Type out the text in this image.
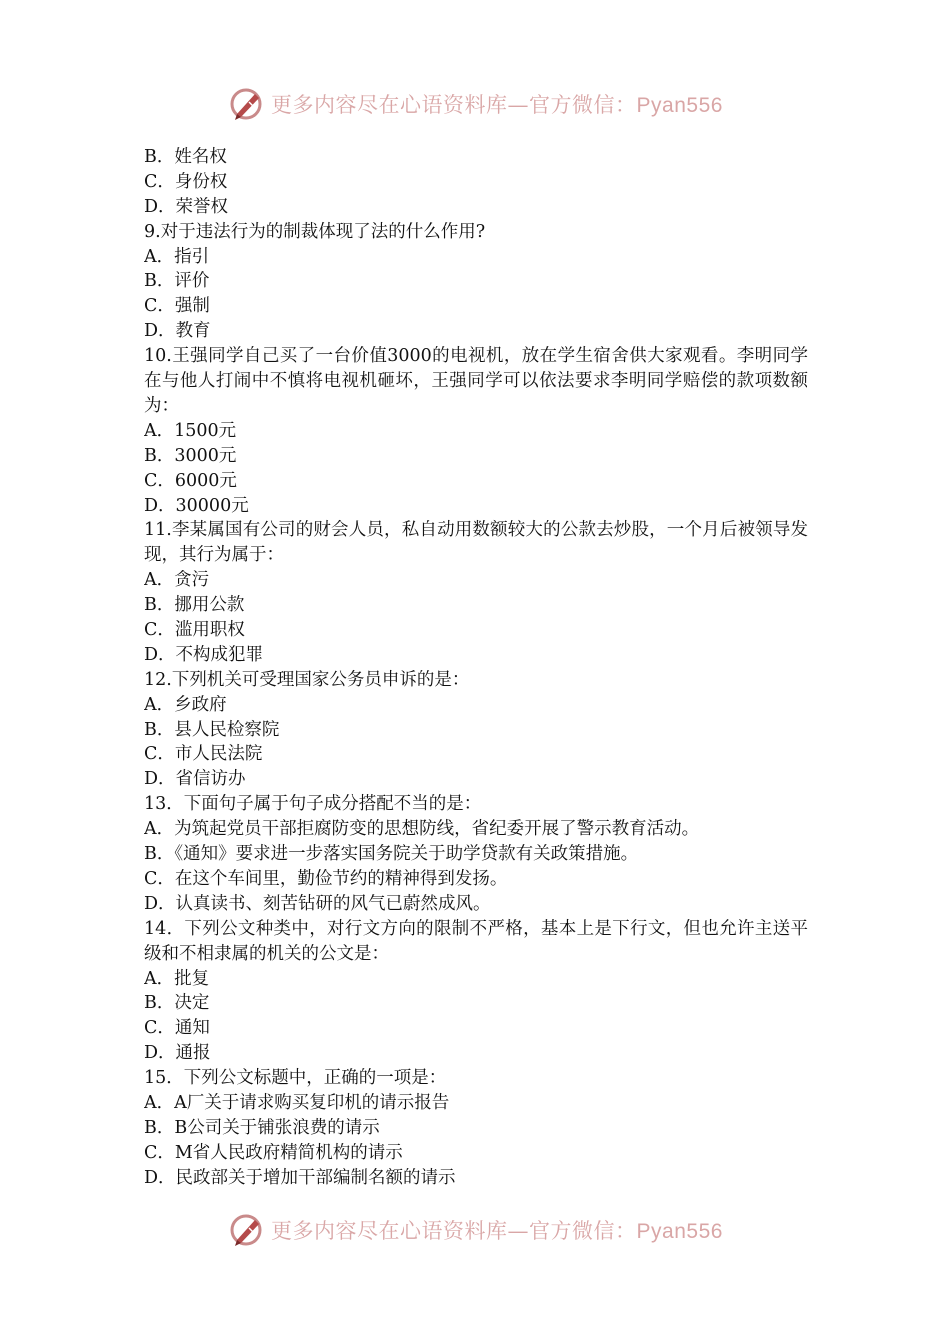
更多内容尽在心语资料库—官方微信：Pyan556
B．姓名权
C．身份权
D．荣誉权
9.对于违法行为的制裁体现了法的什么作用?
A．指引
B．评价
C．强制
D．教育
10.王强同学自己买了一台价值3000的电视机，放在学生宿舍供大家观看。李明同学在与他人打闹中不慎将电视机砸坏，王强同学可以依法要求李明同学赔偿的款项数额为：
A．1500元
B．3000元
C．6000元
D．30000元
11.李某属国有公司的财会人员，私自动用数额较大的公款去炒股，一个月后被领导发现，其行为属于：
A．贪污
B．挪用公款
C．滥用职权
D．不构成犯罪
12.下列机关可受理国家公务员申诉的是：
A．乡政府
B．县人民检察院
C．市人民法院
D．省信访办
13．下面句子属于句子成分搭配不当的是：
A．为筑起党员干部拒腐防变的思想防线，省纪委开展了警示教育活动。
B．《通知》要求进一步落实国务院关于助学贷款有关政策措施。
C．在这个车间里，勤俭节约的精神得到发扬。
D．认真读书、刻苦钻研的风气已蔚然成风。
14．下列公文种类中，对行文方向的限制不严格，基本上是下行文，但也允许主送平级和不相隶属的机关的公文是：
A．批复
B．决定
C．通知
D．通报
15．下列公文标题中，正确的一项是：
A．A厂关于请求购买复印机的请示报告
B．B公司关于铺张浪费的请示
C．M省人民政府精简机构的请示
D．民政部关于增加干部编制名额的请示
更多内容尽在心语资料库—官方微信：Pyan556
